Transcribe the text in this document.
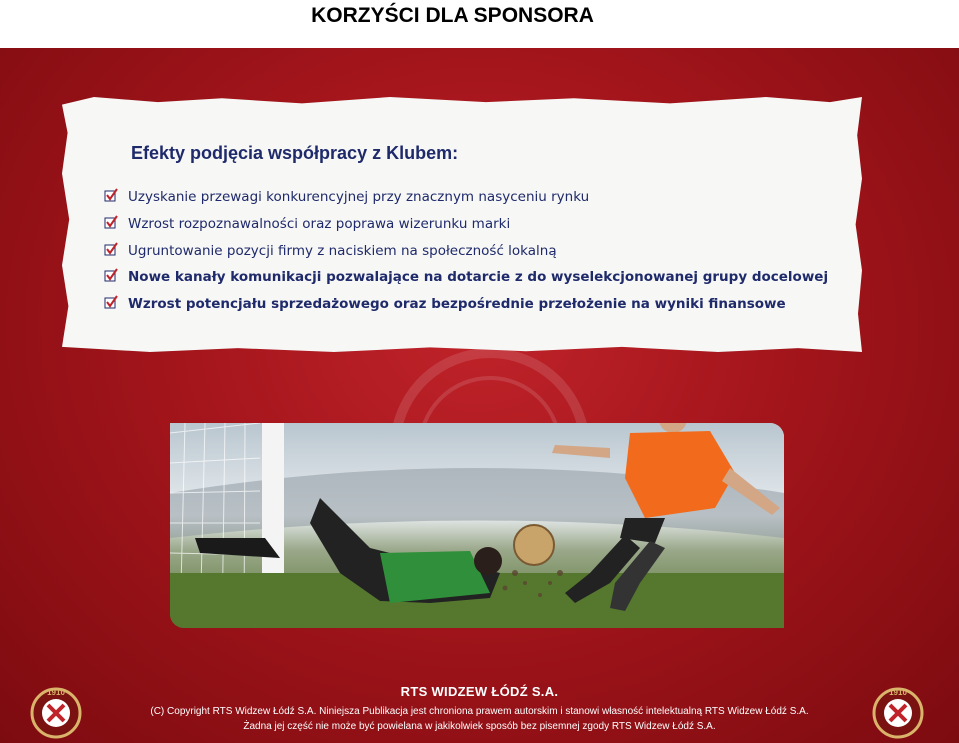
KORZYŚCI DLA SPONSORA
Efekty podjęcia współpracy z Klubem:
Uzyskanie przewagi konkurencyjnej przy znacznym nasyceniu rynku
Wzrost rozpoznawalności oraz poprawa wizerunku marki
Ugruntowanie pozycji firmy z naciskiem na społeczność lokalną
Nowe kanały komunikacji pozwalające na dotarcie z do wyselekcjonowanej grupy docelowej
Wzrost potencjału sprzedażowego oraz bezpośrednie przełożenie na wyniki finansowe
RTS WIDZEW ŁÓDŹ S.A.
(C) Copyright RTS Widzew Łódź S.A. Niniejsza Publikacja jest chroniona prawem autorskim i stanowi własność intelektualną RTS Widzew Łódź S.A.
Żadna jej część nie może być powielana w jakikolwiek sposób bez pisemnej zgody RTS Widzew Łódź S.A.
1910	1910
